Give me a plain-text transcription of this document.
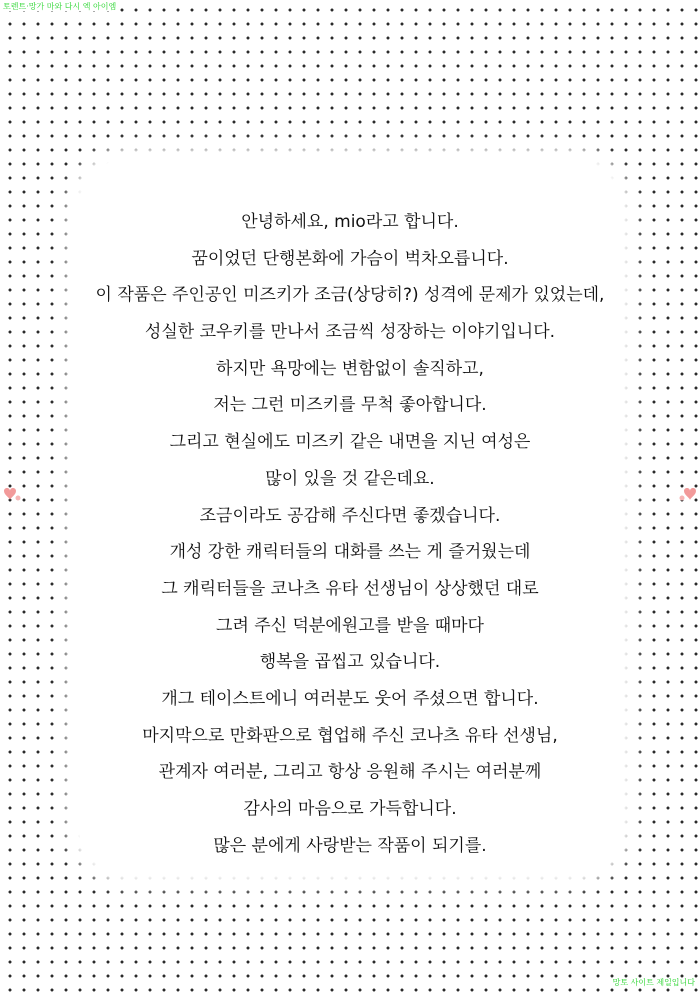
토렌트·망가 마와 다시 엑 아이엠
안녕하세요, mio라고 합니다.
꿈이었던 단행본화에 가슴이 벅차오릅니다.
이 작품은 주인공인 미즈키가 조금(상당히?) 성격에 문제가 있었는데,
성실한 코우키를 만나서 조금씩 성장하는 이야기입니다.
하지만 욕망에는 변함없이 솔직하고,
저는 그런 미즈키를 무척 좋아합니다.
그리고 현실에도 미즈키 같은 내면을 지닌 여성은
많이 있을 것 같은데요.
조금이라도 공감해 주신다면 좋겠습니다.
개성 강한 캐릭터들의 대화를 쓰는 게 즐거웠는데
그 캐릭터들을 코나츠 유타 선생님이 상상했던 대로
그려 주신 덕분에원고를 받을 때마다
행복을 곱씹고 있습니다.
개그 테이스트에니 여러분도 웃어 주셨으면 합니다.
마지막으로 만화판으로 협업해 주신 코나츠 유타 선생님,
관계자 여러분, 그리고 항상 응원해 주시는 여러분께
감사의 마음으로 가득합니다.
많은 분에게 사랑받는 작품이 되기를.
망토 사이트 제일입니다
